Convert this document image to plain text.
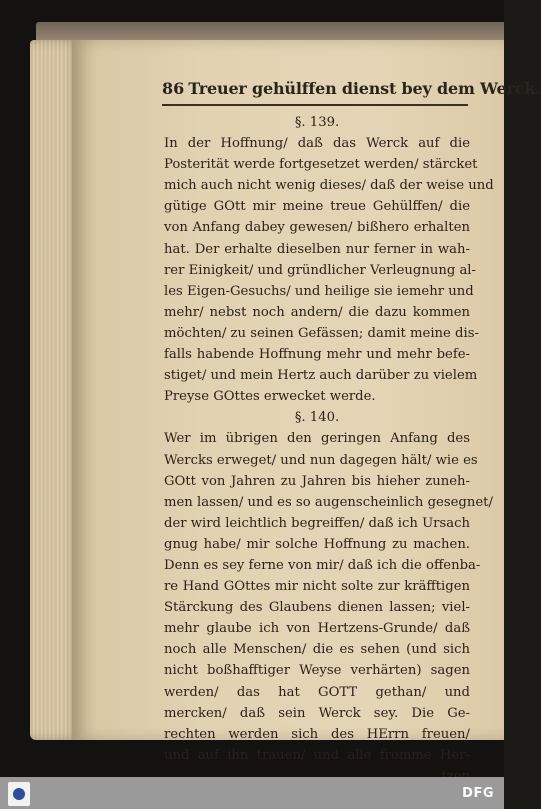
86 Treuer gehülffen dienst bey dem Werck.
§. 139.
In der Hoffnung/ daß das Werck auf die
Posterität werde fortgesetzet werden/ stärcket
mich auch nicht wenig dieses/ daß der weise und
gütige GOtt mir meine treue Gehülffen/ die
von Anfang dabey gewesen/ bißhero erhalten
hat. Der erhalte dieselben nur ferner in wah-
rer Einigkeit/ und gründlicher Verleugnung al-
les Eigen-Gesuchs/ und heilige sie iemehr und
mehr/ nebst noch andern/ die dazu kommen
möchten/ zu seinen Gefässen; damit meine dis-
falls habende Hoffnung mehr und mehr befe-
stiget/ und mein Hertz auch darüber zu vielem
Preyse GOttes erwecket werde.
§. 140.
Wer im übrigen den geringen Anfang des
Wercks erweget/ und nun dagegen hält/ wie es
GOtt von Jahren zu Jahren bis hieher zuneh-
men lassen/ und es so augenscheinlich gesegnet/
der wird leichtlich begreiffen/ daß ich Ursach
gnug habe/ mir solche Hoffnung zu machen.
Denn es sey ferne von mir/ daß ich die offenba-
re Hand GOttes mir nicht solte zur kräfftigen
Stärckung des Glaubens dienen lassen; viel-
mehr glaube ich von Hertzens-Grunde/ daß
noch alle Menschen/ die es sehen (und sich
nicht boßhafftiger Weyse verhärten) sagen
werden/ das hat GOTT gethan/ und
mercken/ daß sein Werck sey. Die Ge-
rechten werden sich des HErrn freuen/
und auf ihn trauen/ und alle fromme Her-
DFG
